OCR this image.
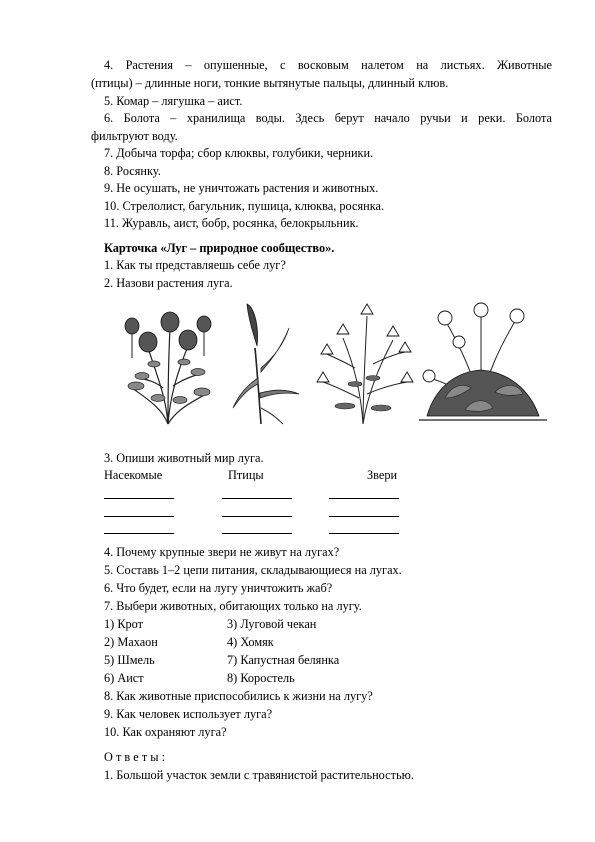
4. Растения – опушенные, с восковым налетом на листьях. Животные
(птицы) – длинные ноги, тонкие вытянутые пальцы, длинный клюв.
5. Комар – лягушка – аист.
6. Болота – хранилища воды. Здесь берут начало ручьи и реки. Болота
фильтруют воду.
7. Добыча торфа; сбор клюквы, голубики, черники.
8. Росянку.
9. Не осушать, не уничтожать растения и животных.
10. Стрелолист, багульник, пушица, клюква, росянка.
11. Журавль, аист, бобр, росянка, белокрыльник.
Карточка «Луг – природное сообщество».
1. Как ты представляешь себе луг?
2. Назови растения луга.
3. Опиши животный мир луга.
Насекомые	Птицы	Звери
4. Почему крупные звери не живут на лугах?
5. Составь 1–2 цепи питания, складывающиеся на лугах.
6. Что будет, если на лугу уничтожить жаб?
7. Выбери животных, обитающих только на лугу.
1) Крот	3) Луговой чекан
2) Махаон	4) Хомяк
5) Шмель	7) Капустная белянка
6) Аист	8) Коростель
8. Как животные приспособились к жизни на лугу?
9. Как человек использует луга?
10. Как охраняют луга?
О т в е т ы :
1. Большой участок земли с травянистой растительностью.
